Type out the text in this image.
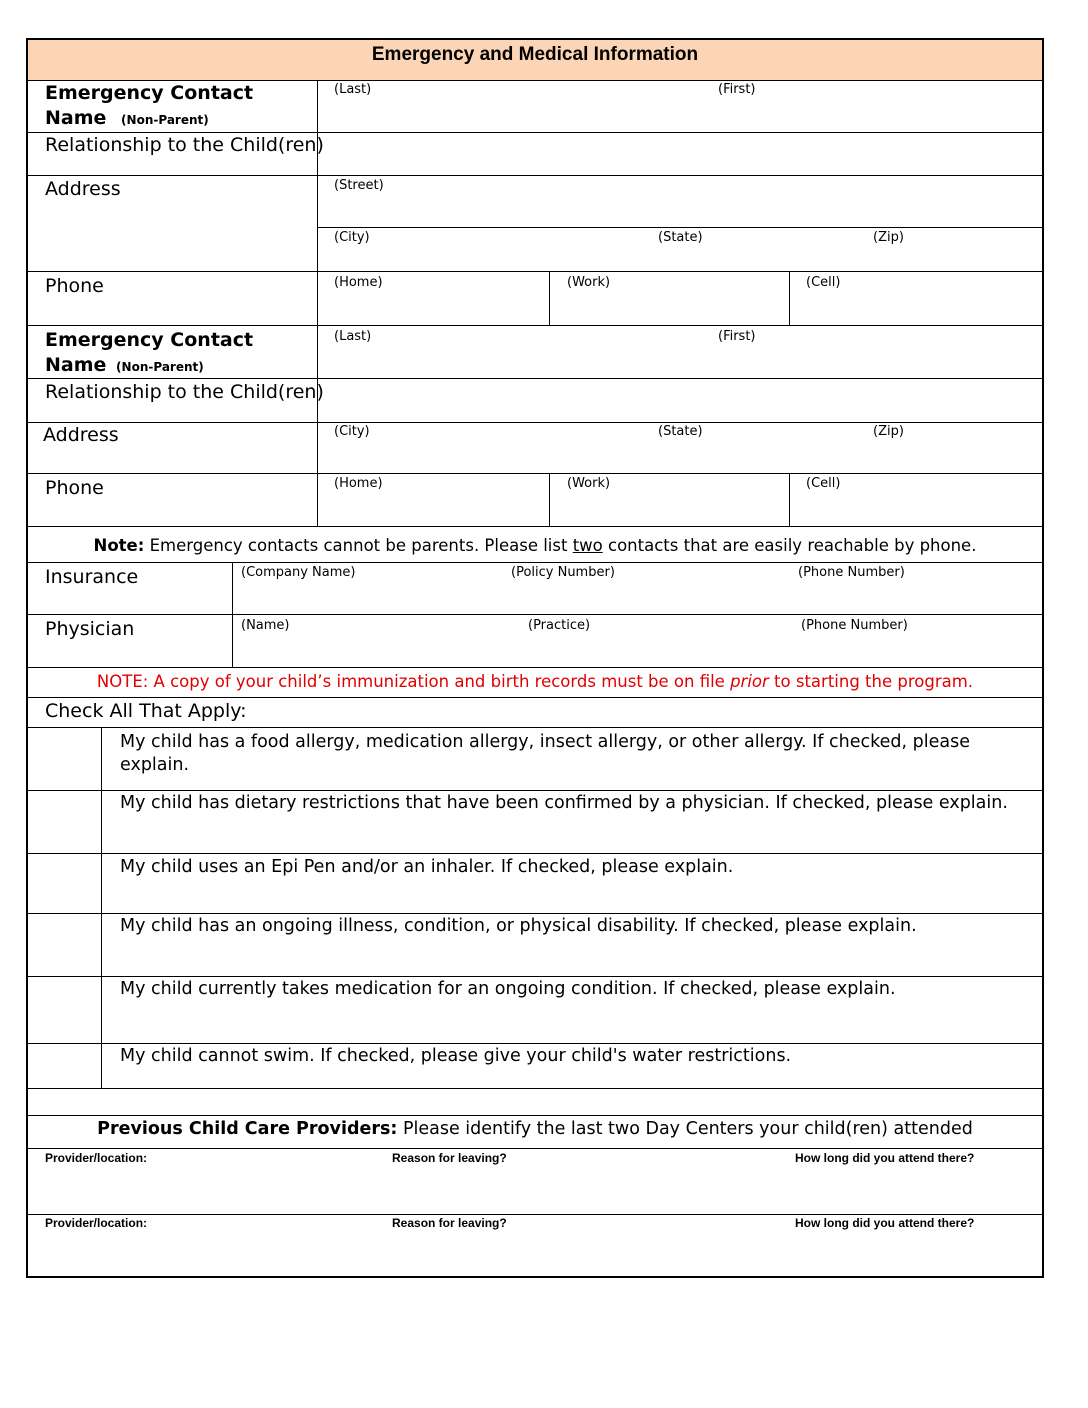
Emergency and Medical Information
Emergency Contact
Name (Non-Parent)
(Last)	(First)
Relationship to the Child(ren)
Address	(Street)
(City)	(State)	(Zip)
Phone	(Home)	(Work)	(Cell)
Emergency Contact
Name (Non-Parent)
(Last)	(First)
Relationship to the Child(ren)
Address	(City)	(State)	(Zip)
Phone	(Home)	(Work)	(Cell)
Note: Emergency contacts cannot be parents. Please list two contacts that are easily reachable by phone.
Insurance	(Company Name)	(Policy Number)	(Phone Number)
Physician	(Name)	(Practice)	(Phone Number)
NOTE: A copy of your child’s immunization and birth records must be on file prior to starting the program.
Check All That Apply:
My child has a food allergy, medication allergy, insect allergy, or other allergy. If checked, please
explain.
My child has dietary restrictions that have been confirmed by a physician. If checked, please explain.
My child uses an Epi Pen and/or an inhaler. If checked, please explain.
My child has an ongoing illness, condition, or physical disability. If checked, please explain.
My child currently takes medication for an ongoing condition. If checked, please explain.
My child cannot swim. If checked, please give your child's water restrictions.
Previous Child Care Providers: Please identify the last two Day Centers your child(ren) attended
Provider/location:	Reason for leaving?	How long did you attend there?
Provider/location:	Reason for leaving?	How long did you attend there?
